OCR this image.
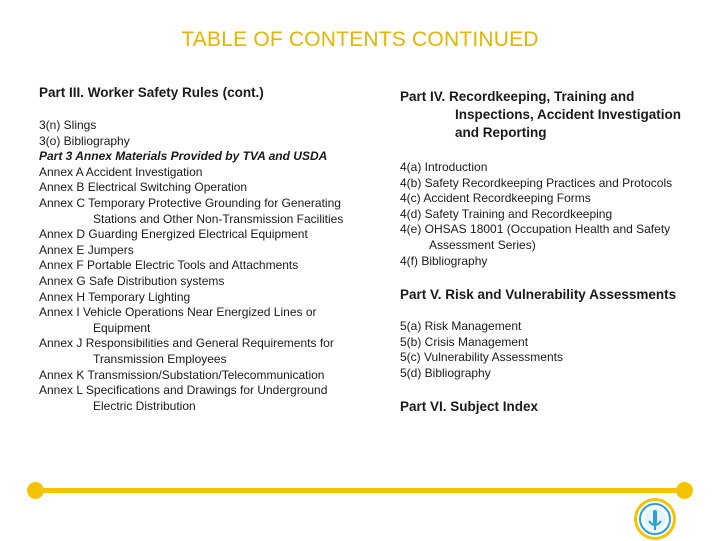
TABLE OF CONTENTS CONTINUED
Part III. Worker Safety Rules (cont.)
3(n) Slings
3(o) Bibliography
Part 3 Annex Materials Provided by TVA and USDA
Annex A Accident Investigation
Annex B Electrical Switching Operation
Annex C Temporary Protective Grounding for Generating
Stations and Other Non-Transmission Facilities
Annex D Guarding Energized Electrical Equipment
Annex E Jumpers
Annex F Portable Electric Tools and Attachments
Annex G Safe Distribution systems
Annex H Temporary Lighting
Annex I Vehicle Operations Near Energized Lines or
Equipment
Annex J Responsibilities and General Requirements for
Transmission Employees
Annex K Transmission/Substation/Telecommunication
Annex L Specifications and Drawings for Underground
Electric Distribution
Part IV. Recordkeeping, Training and
Inspections, Accident Investigation
and Reporting
4(a) Introduction
4(b) Safety Recordkeeping Practices and Protocols
4(c) Accident Recordkeeping Forms
4(d) Safety Training and Recordkeeping
4(e) OHSAS 18001 (Occupation Health and Safety
Assessment Series)
4(f) Bibliography
Part V. Risk and Vulnerability Assessments
5(a) Risk Management
5(b) Crisis Management
5(c) Vulnerability Assessments
5(d) Bibliography
Part VI. Subject Index
